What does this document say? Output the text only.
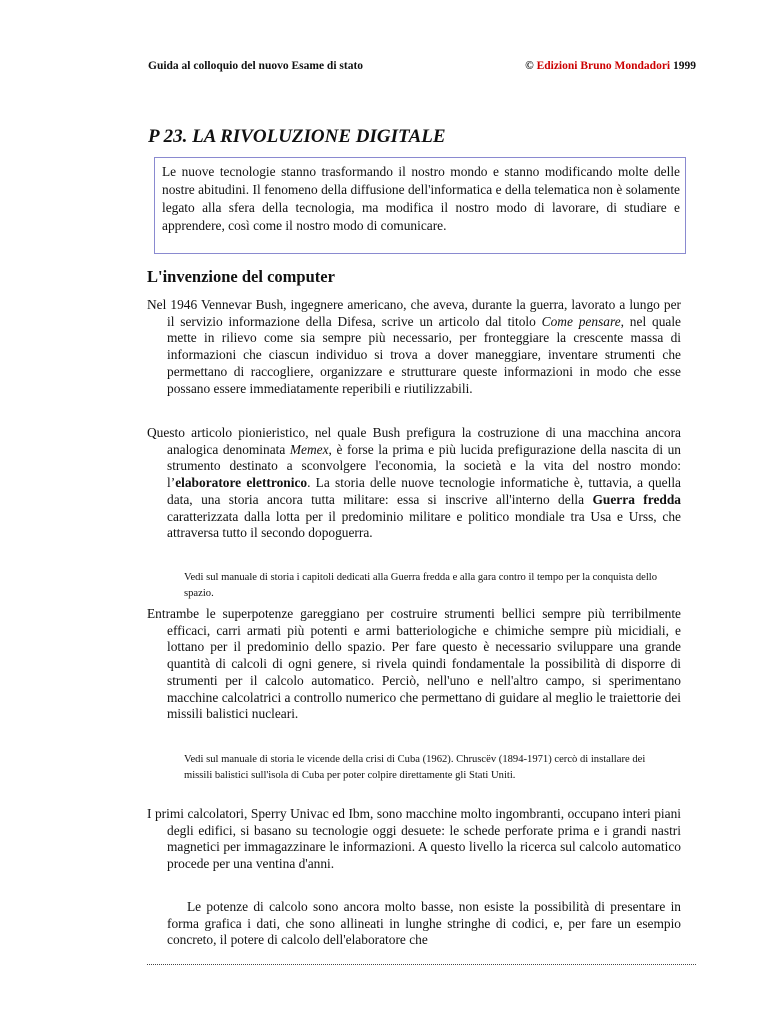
Guida al colloquio del nuovo Esame di stato	© Edizioni Bruno Mondadori 1999
P 23. LA RIVOLUZIONE DIGITALE

Le nuove tecnologie stanno trasformando il nostro mondo e stanno modificando molte delle nostre abitudini. Il fenomeno della diffusione dell'informatica e della telematica non è solamente legato alla sfera della tecnologia, ma modifica il nostro modo di lavorare, di studiare e apprendere, così come il nostro modo di comunicare.

L'invenzione del computer

Nel 1946 Vennevar Bush, ingegnere americano, che aveva, durante la guerra, lavorato a lungo per il servizio informazione della Difesa, scrive un articolo dal titolo Come pensare, nel quale mette in rilievo come sia sempre più necessario, per fronteggiare la crescente massa di informazioni che ciascun individuo si trova a dover maneggiare, inventare strumenti che permettano di raccogliere, organizzare e strutturare queste informazioni in modo che esse possano essere immediatamente reperibili e riutilizzabili.

Questo articolo pionieristico, nel quale Bush prefigura la costruzione di una macchina ancora analogica denominata Memex, è forse la prima e più lucida prefigurazione della nascita di un strumento destinato a sconvolgere l'economia, la società e la vita del nostro mondo: l’elaboratore elettronico. La storia delle nuove tecnologie informatiche è, tuttavia, a quella data, una storia ancora tutta militare: essa si inscrive all'interno della Guerra fredda caratterizzata dalla lotta per il predominio militare e politico mondiale tra Usa e Urss, che attraversa tutto il secondo dopoguerra.

Vedi sul manuale di storia i capitoli dedicati alla Guerra fredda e alla gara contro il tempo per la conquista dello spazio.

Entrambe le superpotenze gareggiano per costruire strumenti bellici sempre più terribilmente efficaci, carri armati più potenti e armi batteriologiche e chimiche sempre più micidiali, e lottano per il predominio dello spazio. Per fare questo è necessario sviluppare una grande quantità di calcoli di ogni genere, si rivela quindi fondamentale la possibilità di disporre di strumenti per il calcolo automatico. Perciò, nell'uno e nell'altro campo, si sperimentano macchine calcolatrici a controllo numerico che permettano di guidare al meglio le traiettorie dei missili balistici nucleari.

Vedi sul manuale di storia le vicende della crisi di Cuba (1962). Chruscëv (1894-1971) cercò di installare dei missili balistici sull'isola di Cuba per poter colpire direttamente gli Stati Uniti.

I primi calcolatori, Sperry Univac ed Ibm, sono macchine molto ingombranti, occupano interi piani degli edifici, si basano su tecnologie oggi desuete: le schede perforate prima e i grandi nastri magnetici per immagazzinare le informazioni. A questo livello la ricerca sul calcolo automatico procede per una ventina d'anni.

Le potenze di calcolo sono ancora molto basse, non esiste la possibilità di presentare in forma grafica i dati, che sono allineati in lunghe stringhe di codici, e, per fare un esempio concreto, il potere di calcolo dell'elaboratore che
